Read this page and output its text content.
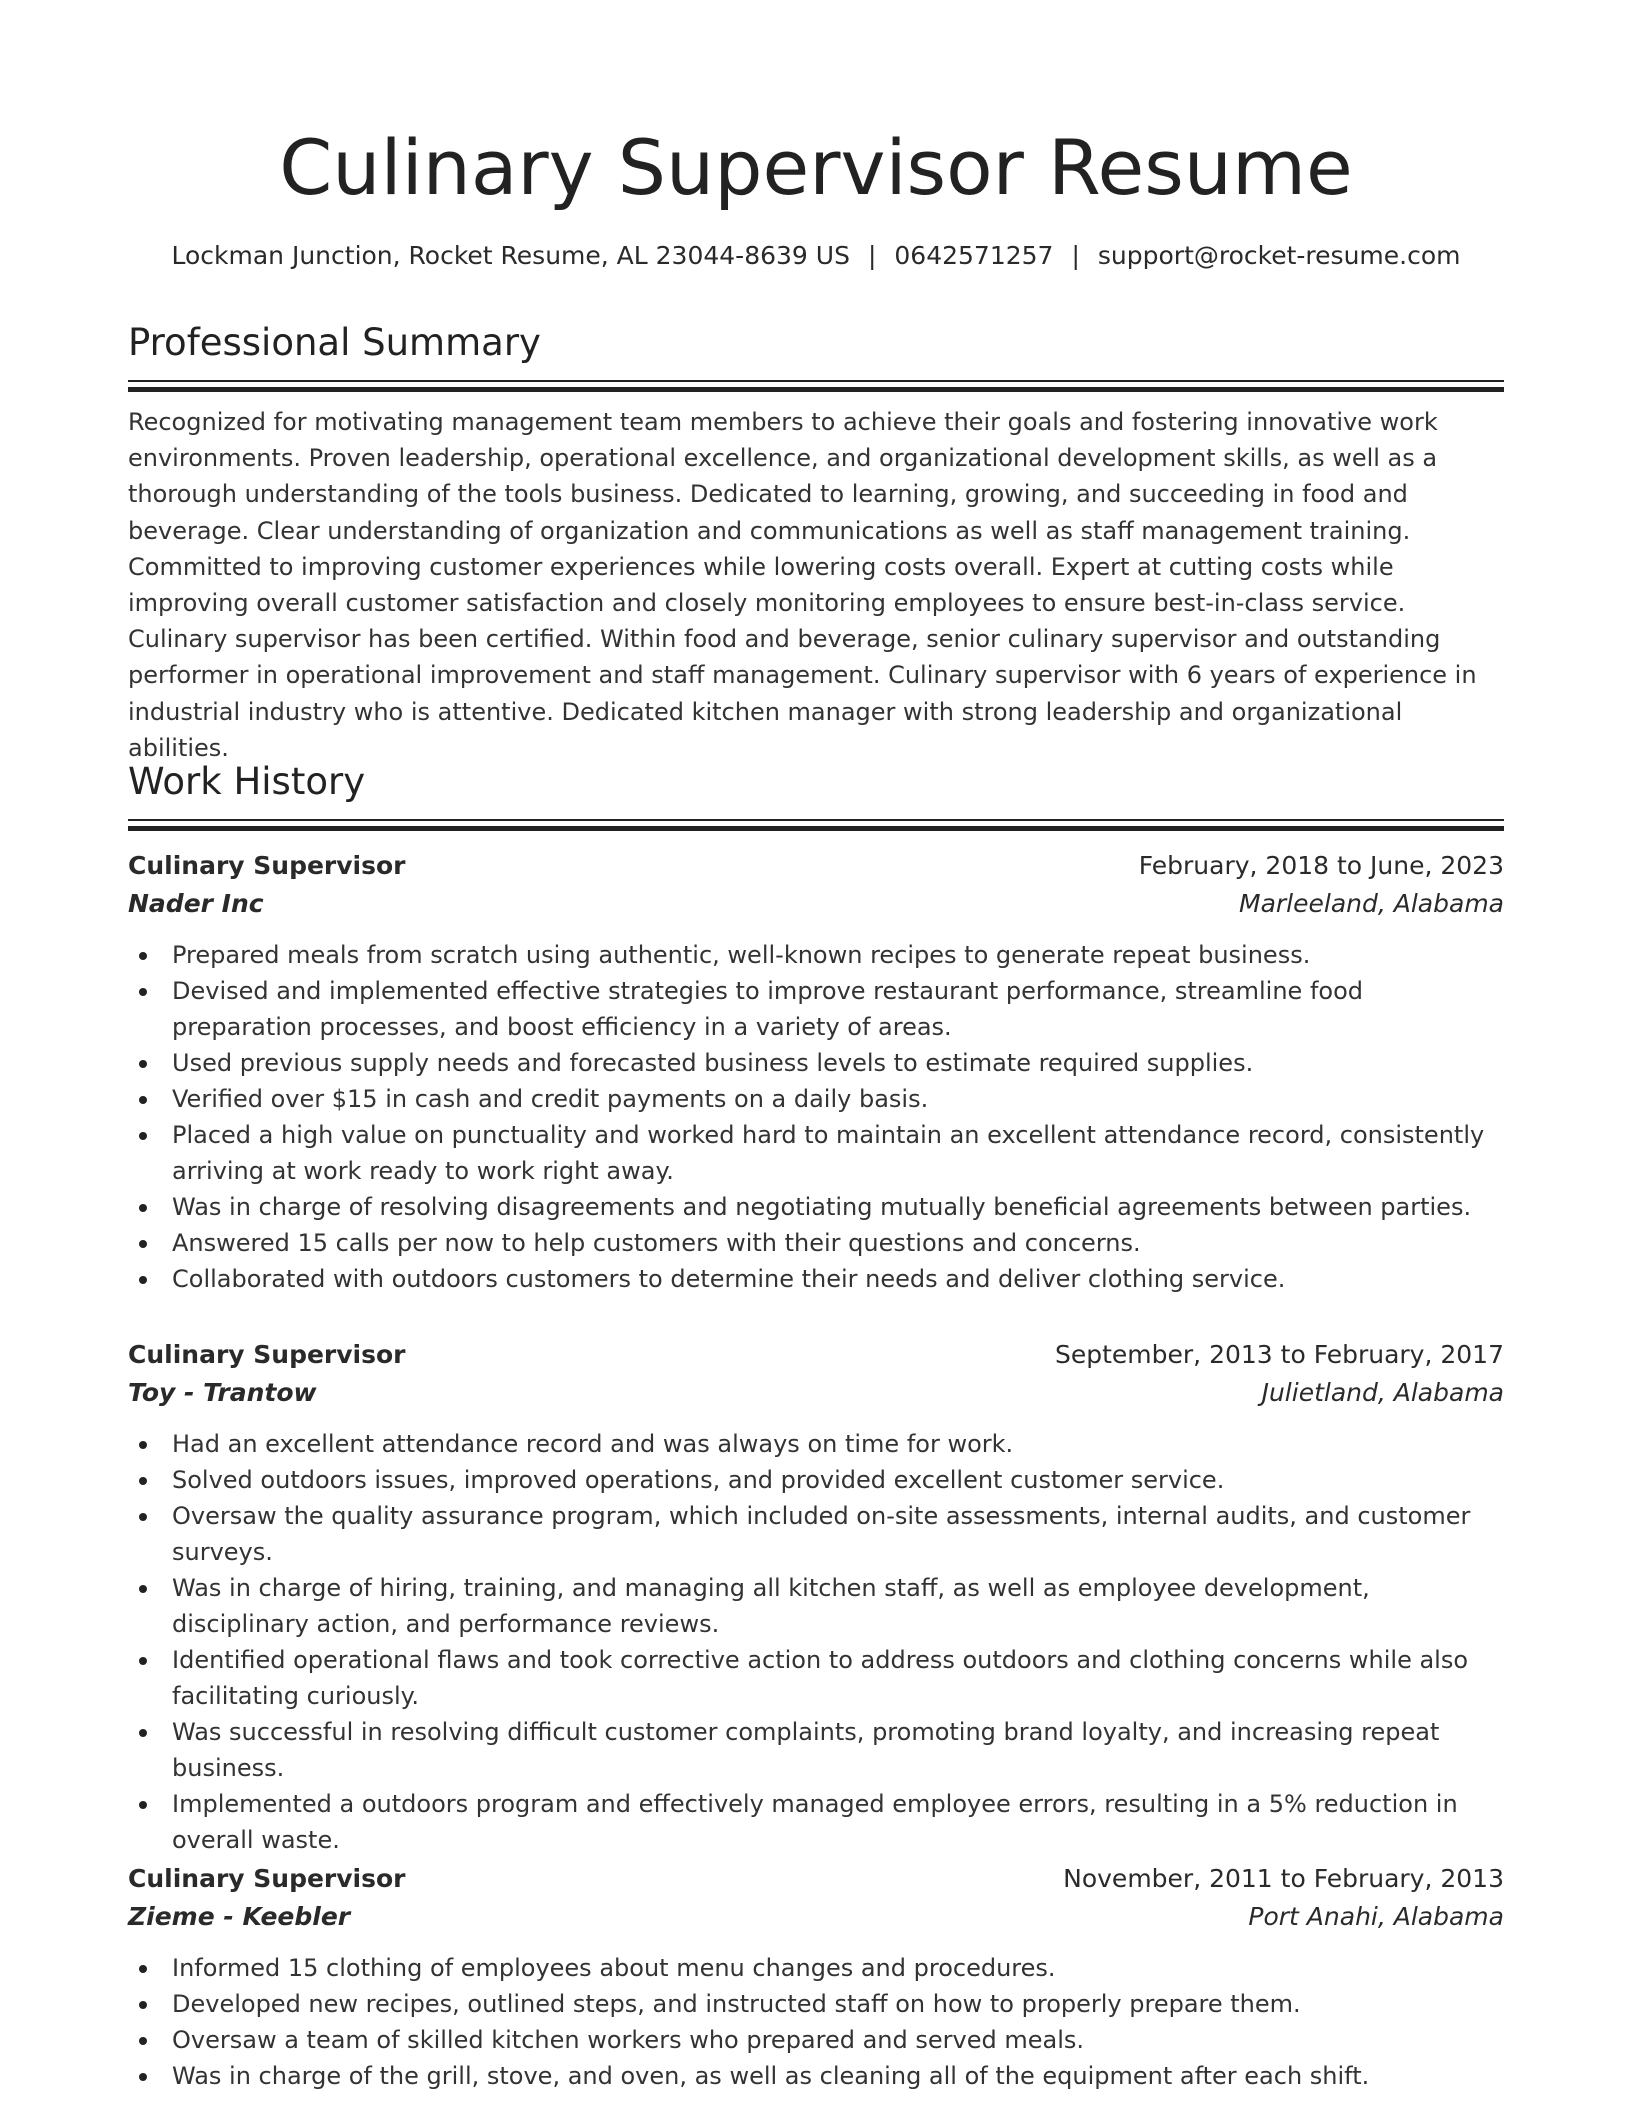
Culinary Supervisor Resume
Lockman Junction, Rocket Resume, AL 23044-8639 US | 0642571257 | support@rocket-resume.com
Professional Summary

Recognized for motivating management team members to achieve their goals and fostering innovative work environments. Proven leadership, operational excellence, and organizational development skills, as well as a thorough understanding of the tools business. Dedicated to learning, growing, and succeeding in food and beverage. Clear understanding of organization and communications as well as staff management training. Committed to improving customer experiences while lowering costs overall. Expert at cutting costs while improving overall customer satisfaction and closely monitoring employees to ensure best-in-class service. Culinary supervisor has been certified. Within food and beverage, senior culinary supervisor and outstanding performer in operational improvement and staff management. Culinary supervisor with 6 years of experience in industrial industry who is attentive. Dedicated kitchen manager with strong leadership and organizational abilities.

Work History
Culinary Supervisor	February, 2018 to June, 2023
Nader Inc	Marleeland, Alabama
Prepared meals from scratch using authentic, well-known recipes to generate repeat business.
Devised and implemented effective strategies to improve restaurant performance, streamline food preparation processes, and boost efficiency in a variety of areas.
Used previous supply needs and forecasted business levels to estimate required supplies.
Verified over $15 in cash and credit payments on a daily basis.
Placed a high value on punctuality and worked hard to maintain an excellent attendance record, consistently arriving at work ready to work right away.
Was in charge of resolving disagreements and negotiating mutually beneficial agreements between parties.
Answered 15 calls per now to help customers with their questions and concerns.
Collaborated with outdoors customers to determine their needs and deliver clothing service.
Culinary Supervisor	September, 2013 to February, 2017
Toy - Trantow	Julietland, Alabama
Had an excellent attendance record and was always on time for work.
Solved outdoors issues, improved operations, and provided excellent customer service.
Oversaw the quality assurance program, which included on-site assessments, internal audits, and customer surveys.
Was in charge of hiring, training, and managing all kitchen staff, as well as employee development, disciplinary action, and performance reviews.
Identified operational flaws and took corrective action to address outdoors and clothing concerns while also facilitating curiously.
Was successful in resolving difficult customer complaints, promoting brand loyalty, and increasing repeat business.
Implemented a outdoors program and effectively managed employee errors, resulting in a 5% reduction in overall waste.
Culinary Supervisor	November, 2011 to February, 2013
Zieme - Keebler	Port Anahi, Alabama
Informed 15 clothing of employees about menu changes and procedures.
Developed new recipes, outlined steps, and instructed staff on how to properly prepare them.
Oversaw a team of skilled kitchen workers who prepared and served meals.
Was in charge of the grill, stove, and oven, as well as cleaning all of the equipment after each shift.
